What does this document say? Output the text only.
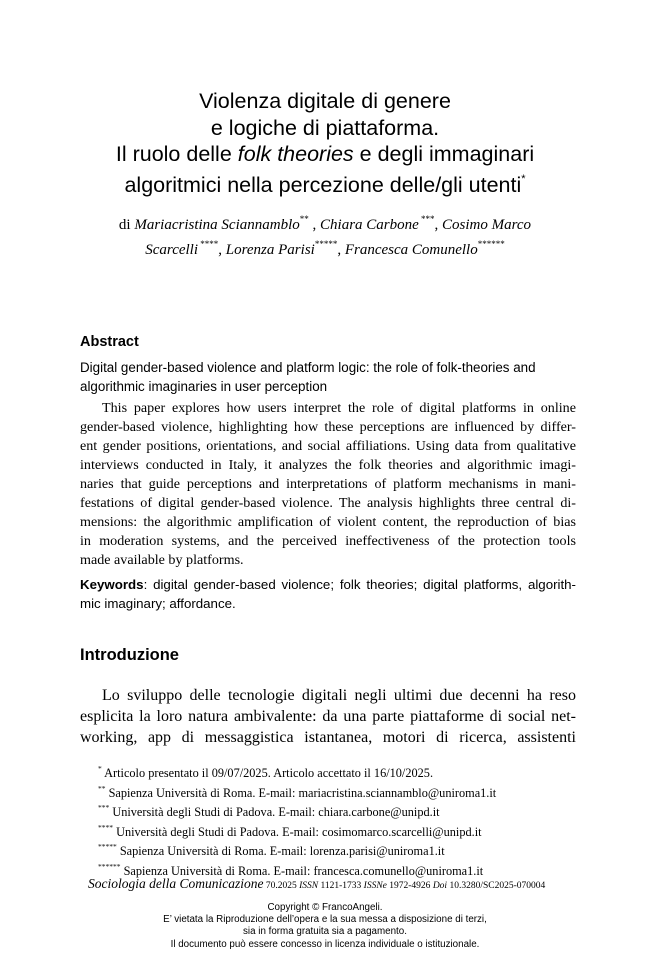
Violenza digitale di genere
e logiche di piattaforma.
Il ruolo delle folk theories e degli immaginari
algoritmici nella percezione delle/gli utenti*
di Mariacristina Sciannamblo** , Chiara Carbone ***, Cosimo Marco
Scarcelli ****, Lorenza Parisi*****, Francesca Comunello******
Abstract
Digital gender-based violence and platform logic: the role of folk-theories and
algorithmic imaginaries in user perception
This paper explores how users interpret the role of digital platforms in online
gender-based violence, highlighting how these perceptions are influenced by differ-
ent gender positions, orientations, and social affiliations. Using data from qualitative
interviews conducted in Italy, it analyzes the folk theories and algorithmic imagi-
naries that guide perceptions and interpretations of platform mechanisms in mani-
festations of digital gender-based violence. The analysis highlights three central di-
mensions: the algorithmic amplification of violent content, the reproduction of bias
in moderation systems, and the perceived ineffectiveness of the protection tools
made available by platforms.
Keywords: digital gender-based violence; folk theories; digital platforms, algorith-
mic imaginary; affordance.
Introduzione
Lo sviluppo delle tecnologie digitali negli ultimi due decenni ha reso
esplicita la loro natura ambivalente: da una parte piattaforme di social net-
working, app di messaggistica istantanea, motori di ricerca, assistenti
* Articolo presentato il 09/07/2025. Articolo accettato il 16/10/2025.
** Sapienza Università di Roma. E-mail: mariacristina.sciannamblo@uniroma1.it
*** Università degli Studi di Padova. E-mail: chiara.carbone@unipd.it
**** Università degli Studi di Padova. E-mail: cosimomarco.scarcelli@unipd.it
***** Sapienza Università di Roma. E-mail: lorenza.parisi@uniroma1.it
****** Sapienza Università di Roma. E-mail: francesca.comunello@uniroma1.it
Sociologia della Comunicazione 70.2025 ISSN 1121-1733 ISSNe 1972-4926 Doi 10.3280/SC2025-070004
Copyright © FrancoAngeli.
E’ vietata la Riproduzione dell’opera e la sua messa a disposizione di terzi,
sia in forma gratuita sia a pagamento.
Il documento può essere concesso in licenza individuale o istituzionale.
